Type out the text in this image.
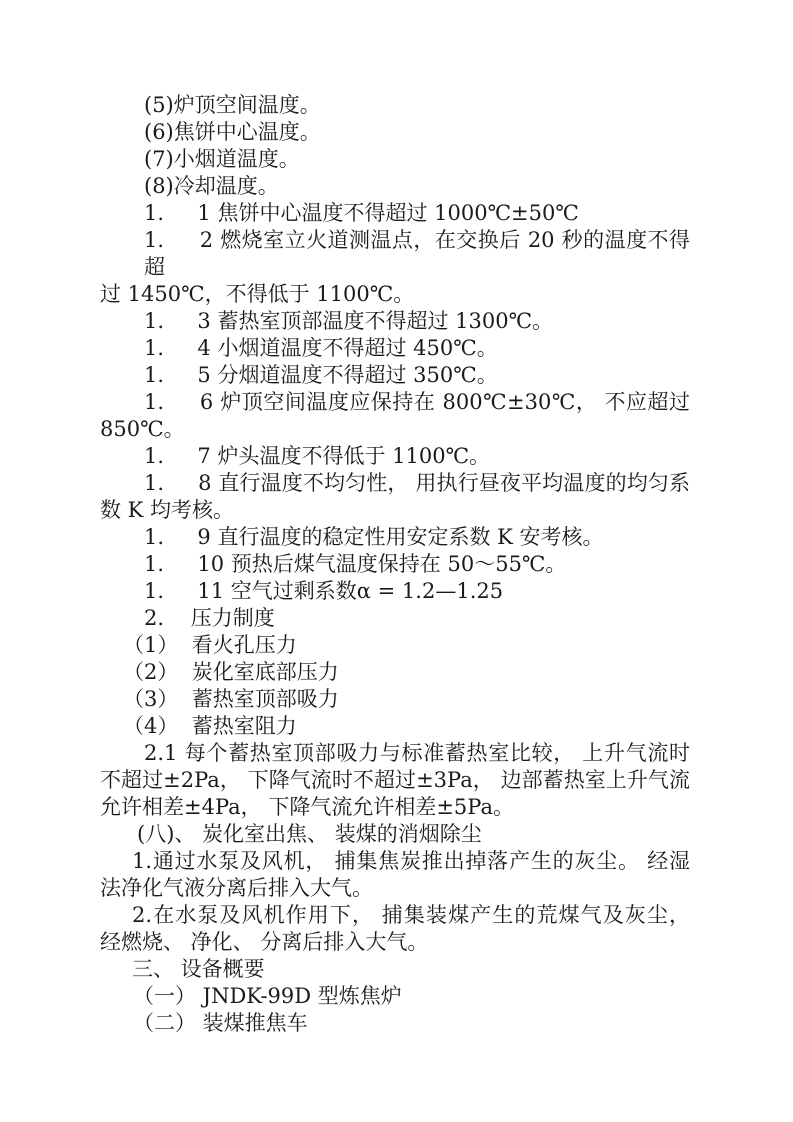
(5)炉顶空间温度。
(6)焦饼中心温度。
(7)小烟道温度。
(8)冷却温度。
1.     1 焦饼中心温度不得超过 1000℃±50℃
1.     2 燃烧室立火道测温点，在交换后 20 秒的温度不得超
过 1450℃，不得低于 1100℃。
1.     3 蓄热室顶部温度不得超过 1300℃。
1.     4 小烟道温度不得超过 450℃。
1.     5 分烟道温度不得超过 350℃。
1.     6 炉顶空间温度应保持在 800℃±30℃， 不应超过
850℃。
1.     7 炉头温度不得低于 1100℃。
1.     8 直行温度不均匀性， 用执行昼夜平均温度的均匀系
数 K 均考核。
1.     9 直行温度的稳定性用安定系数 K 安考核。
1.     10 预热后煤气温度保持在 50～55℃。
1.     11 空气过剩系数α = 1.2—1.25
2.    压力制度
（1）  看火孔压力
（2）  炭化室底部压力
（3）  蓄热室顶部吸力
（4）  蓄热室阻力
2.1 每个蓄热室顶部吸力与标准蓄热室比较， 上升气流时
不超过±2Pa， 下降气流时不超过±3Pa， 边部蓄热室上升气流
允许相差±4Pa， 下降气流允许相差±5Pa。
(八)、 炭化室出焦、 装煤的消烟除尘
1.通过水泵及风机， 捕集焦炭推出掉落产生的灰尘。 经湿
法净化气液分离后排入大气。
2.在水泵及风机作用下， 捕集装煤产生的荒煤气及灰尘，
经燃烧、 净化、 分离后排入大气。
三、 设备概要
（一） JNDK-99D 型炼焦炉
（二） 装煤推焦车
